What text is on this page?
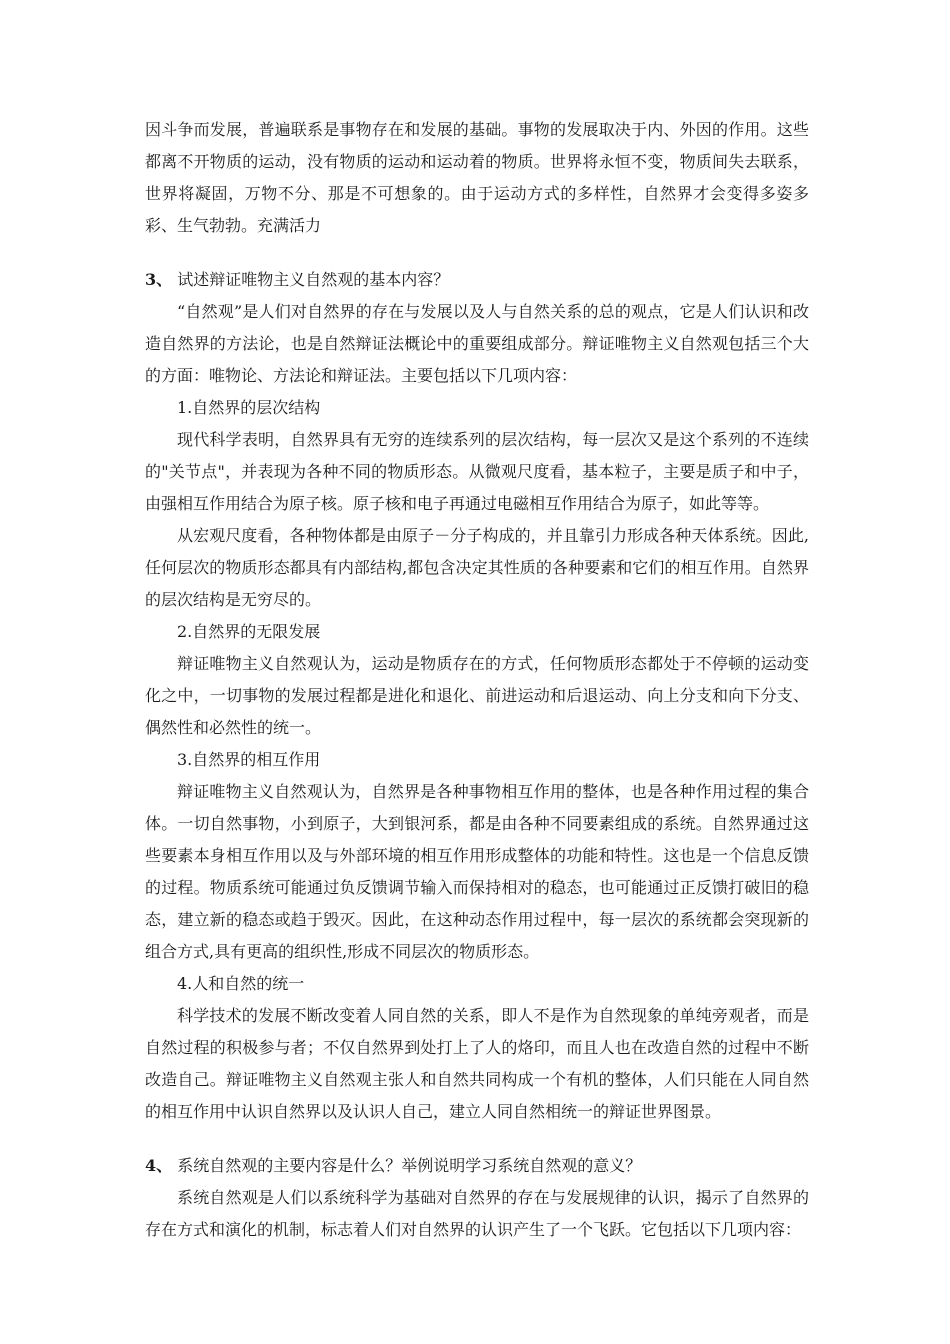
因斗争而发展，普遍联系是事物存在和发展的基础。事物的发展取决于内、外因的作用。这些都离不开物质的运动，没有物质的运动和运动着的物质。世界将永恒不变，物质间失去联系，世界将凝固，万物不分、那是不可想象的。由于运动方式的多样性，自然界才会变得多姿多彩、生气勃勃。充满活力

3、 试述辩证唯物主义自然观的基本内容？

“自然观”是人们对自然界的存在与发展以及人与自然关系的总的观点，它是人们认识和改造自然界的方法论，也是自然辩证法概论中的重要组成部分。辩证唯物主义自然观包括三个大的方面：唯物论、方法论和辩证法。主要包括以下几项内容：

1.自然界的层次结构

现代科学表明，自然界具有无穷的连续系列的层次结构，每一层次又是这个系列的不连续的"关节点"，并表现为各种不同的物质形态。从微观尺度看，基本粒子，主要是质子和中子，由强相互作用结合为原子核。原子核和电子再通过电磁相互作用结合为原子，如此等等。

从宏观尺度看，各种物体都是由原子－分子构成的，并且靠引力形成各种天体系统。因此,任何层次的物质形态都具有内部结构,都包含决定其性质的各种要素和它们的相互作用。自然界的层次结构是无穷尽的。

2.自然界的无限发展

辩证唯物主义自然观认为，运动是物质存在的方式，任何物质形态都处于不停顿的运动变化之中，一切事物的发展过程都是进化和退化、前进运动和后退运动、向上分支和向下分支、偶然性和必然性的统一。

3.自然界的相互作用

辩证唯物主义自然观认为，自然界是各种事物相互作用的整体，也是各种作用过程的集合体。一切自然事物，小到原子，大到银河系，都是由各种不同要素组成的系统。自然界通过这些要素本身相互作用以及与外部环境的相互作用形成整体的功能和特性。这也是一个信息反馈的过程。物质系统可能通过负反馈调节输入而保持相对的稳态，也可能通过正反馈打破旧的稳态，建立新的稳态或趋于毁灭。因此，在这种动态作用过程中，每一层次的系统都会突现新的组合方式,具有更高的组织性,形成不同层次的物质形态。

4.人和自然的统一

科学技术的发展不断改变着人同自然的关系，即人不是作为自然现象的单纯旁观者，而是自然过程的积极参与者；不仅自然界到处打上了人的烙印，而且人也在改造自然的过程中不断改造自己。辩证唯物主义自然观主张人和自然共同构成一个有机的整体，人们只能在人同自然的相互作用中认识自然界以及认识人自己，建立人同自然相统一的辩证世界图景。

4、 系统自然观的主要内容是什么？举例说明学习系统自然观的意义？

系统自然观是人们以系统科学为基础对自然界的存在与发展规律的认识，揭示了自然界的存在方式和演化的机制，标志着人们对自然界的认识产生了一个飞跃。它包括以下几项内容：
